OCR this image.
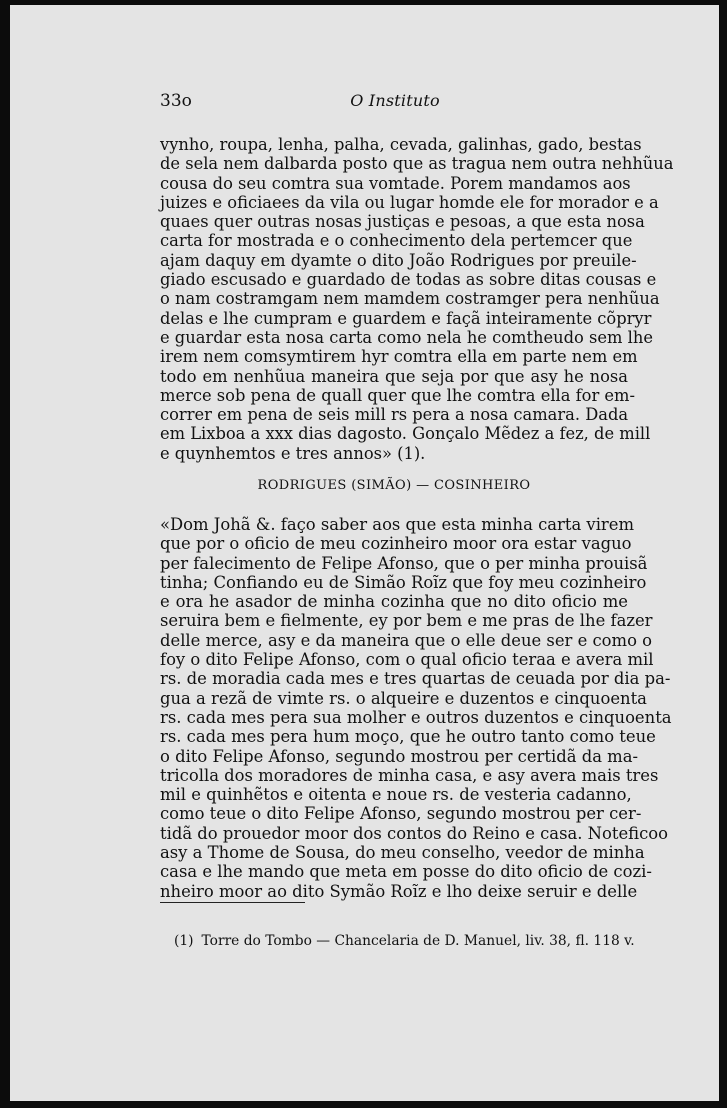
33o	O Instituto
vynho, roupa, lenha, palha, cevada, galinhas, gado, bestas
de sela nem dalbarda posto que as tragua nem outra nehhũua
cousa do seu comtra sua vomtade. Porem mandamos aos
juizes e oficiaees da vila ou lugar homde ele for morador e a
quaes quer outras nosas justiças e pesoas, a que esta nosa
carta for mostrada e o conhecimento dela pertemcer que
ajam daquy em dyamte o dito João Rodrigues por preuile-
giado escusado e guardado de todas as sobre ditas cousas e
o nam costramgam nem mamdem costramger pera nenhũua
delas e lhe cumpram e guardem e façã inteiramente cõpryr
e guardar esta nosa carta como nela he comtheudo sem lhe
irem nem comsymtirem hyr comtra ella em parte nem em
todo em nenhũua maneira que seja por que asy he nosa
merce sob pena de quall quer que lhe comtra ella for em-
correr em pena de seis mill rs pera a nosa camara. Dada
em Lixboa a xxx dias dagosto. Gonçalo Mẽdez a fez, de mill
e quynhemtos e tres annos» (1).
RODRIGUES (SIMÃO) — COSINHEIRO
«Dom Johã &. faço saber aos que esta minha carta virem
que por o oficio de meu cozinheiro moor ora estar vaguo
per falecimento de Felipe Afonso, que o per minha prouisã
tinha; Confiando eu de Simão Roĩz que foy meu cozinheiro
e ora he asador de minha cozinha que no dito oficio me
seruira bem e fielmente, ey por bem e me pras de lhe fazer
delle merce, asy e da maneira que o elle deue ser e como o
foy o dito Felipe Afonso, com o qual oficio teraa e avera mil
rs. de moradia cada mes e tres quartas de ceuada por dia pa-
gua a rezã de vimte rs. o alqueire e duzentos e cinquoenta
rs. cada mes pera sua molher e outros duzentos e cinquoenta
rs. cada mes pera hum moço, que he outro tanto como teue
o dito Felipe Afonso, segundo mostrou per certidã da ma-
tricolla dos moradores de minha casa, e asy avera mais tres
mil e quinhẽtos e oitenta e noue rs. de vesteria cadanno,
como teue o dito Felipe Afonso, segundo mostrou per cer-
tidã do prouedor moor dos contos do Reino e casa. Noteficoo
asy a Thome de Sousa, do meu conselho, veedor de minha
casa e lhe mando que meta em posse do dito oficio de cozi-
nheiro moor ao dito Symão Roĩz e lho deixe seruir e delle
(1) Torre do Tombo — Chancelaria de D. Manuel, liv. 38, fl. 118 v.
